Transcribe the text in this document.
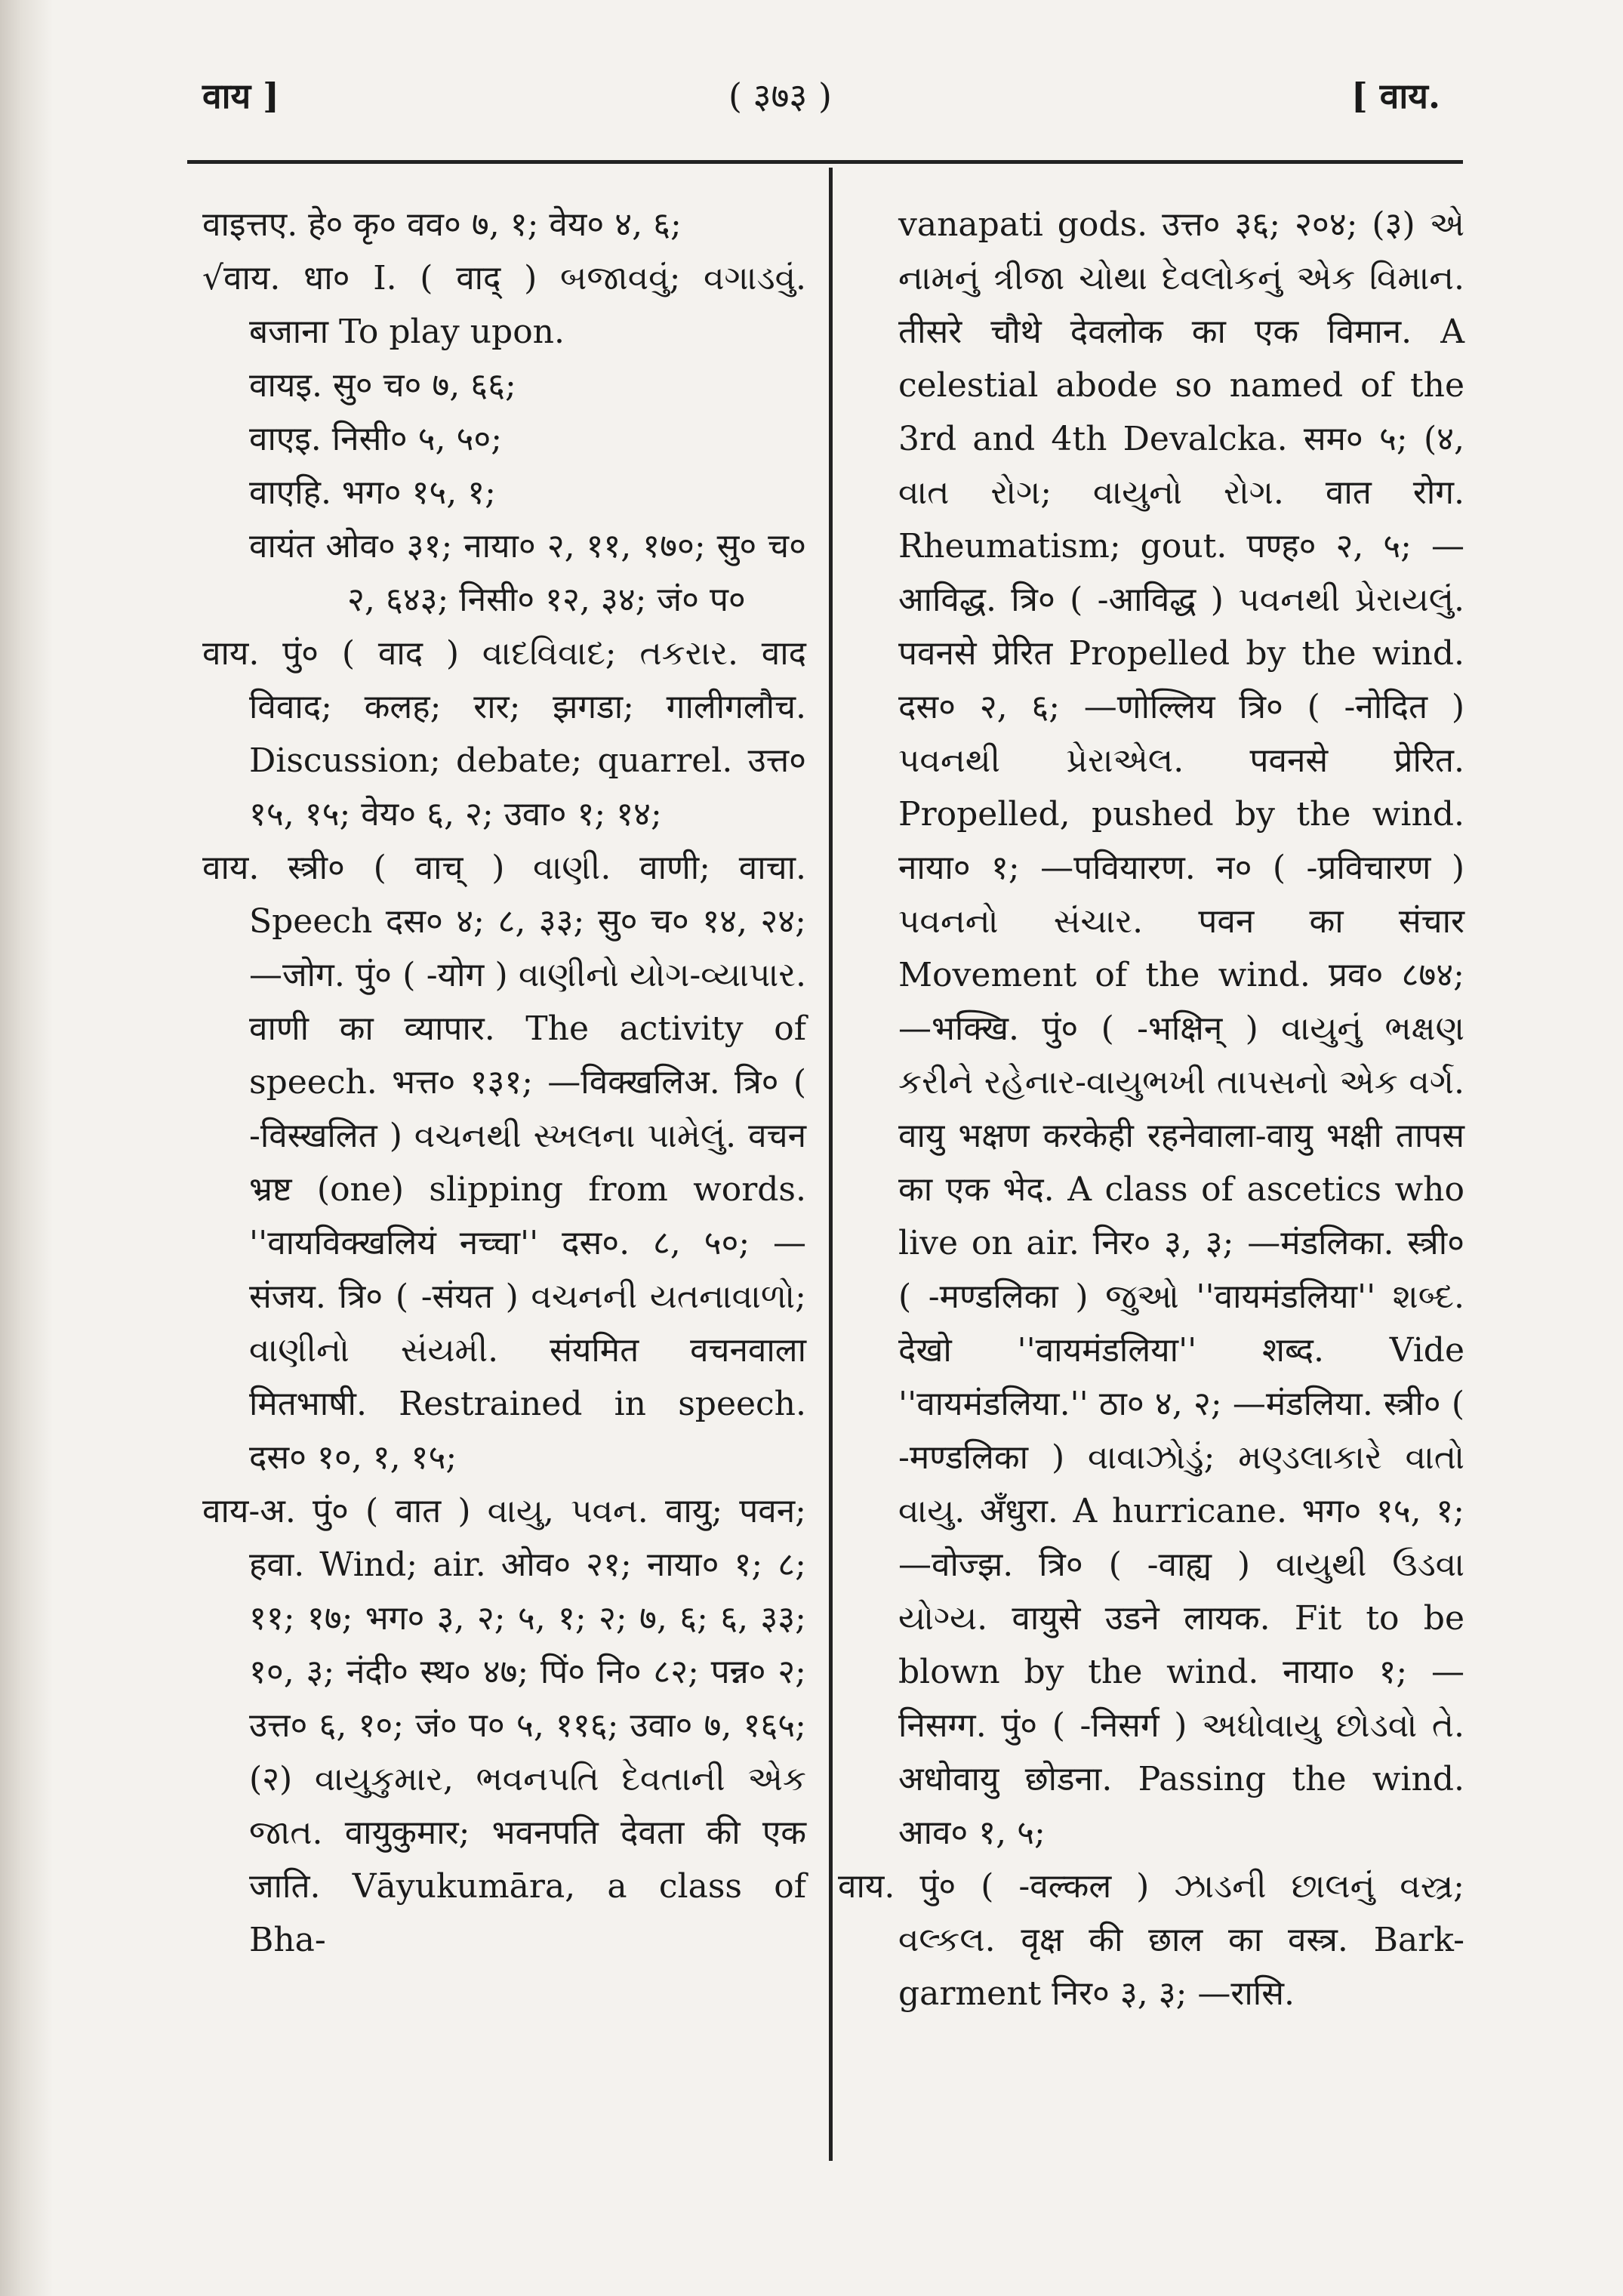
वाय ]	( ३७३ )	[ वाय.

वाइत्तए. हे० कृ० वव० ७, १; वेय० ४, ६;

√वाय. धा० I. ( वाद् ) બજાવવું; વગાડવું. बजाना To play upon.

वायइ. सु० च० ७, ६६;

वाएइ. निसी० ५, ५०;

वाएहि. भग० १५, १;

वायंत ओव० ३१; नाया० २, ११, १७०; सु० च० २, ६४३; निसी० १२, ३४; जं० प०

वाय. पुं० ( वाद ) વાદવિવાદ; તકરાર. वाद विवाद; कलह; रार; झगडा; गालीगलौच. Discussion; debate; quarrel. उत्त० १५, १५; वेय० ६, २; उवा० १; १४;

वाय. स्त्री० ( वाच् ) વાણી. वाणी; वाचा. Speech दस० ४; ८, ३३; सु० च० १४, २४; —जोग. पुं० ( -योग ) વાણીનો યોગ-વ્યાપાર. वाणी का व्यापार. The activity of speech. भत्त० १३१; —विक्खलिअ. त्रि० ( -विस्खलित ) વચનથી સ્ખલના પામેલું. वचन भ्रष्ट (one) slipping from words. ''वायविक्खलियं नच्चा'' दस०. ८, ५०; —संजय. त्रि० ( -संयत ) વચનની યતનાવાળો; વાણીનો સંયમી. संयमित वचनवाला मितभाषी. Restrained in speech. दस० १०, १, १५;

वाय-अ. पुं० ( वात ) વાયુ, પવન. वायु; पवन; हवा. Wind; air. ओव० २१; नाया० १; ८; ११; १७; भग० ३, २; ५, १; २; ७, ६; ६, ३३; १०, ३; नंदी० स्थ० ४७; पिं० नि० ८२; पन्न० २; उत्त० ६, १०; जं० प० ५, ११६; उवा० ७, १६५; (२) વાયુકુમાર, ભવનપતિ દેવતાની એક જાત. वायुकुमार; भवनपति देवता की एक जाति. Vāyukumāra, a class of Bha-

vanapati gods. उत्त० ३६; २०४; (३) એ નામનું ત્રીજા ચોથા દેવલોકનું એક વિમાન. तीसरे चौथे देवलोक का एक विमान. A celestial abode so named of the 3rd and 4th Devalcka. सम० ५; (४, વાત રોગ; વાયુનો રોગ. वात रोग. Rheumatism; gout. पण्ह० २, ५; —आविद्ध. त्रि० ( -आविद्ध ) પવનથી પ્રેરાયલું. पवनसे प्रेरित Propelled by the wind. दस० २, ६; —णोल्लिय त्रि० ( -नोदित ) પવનથી પ્રેરાએલ. पवनसे प्रेरित. Propelled, pushed by the wind. नाया० १; —पवियारण. न० ( -प्रविचारण ) પવનનો સંચાર. पवन का संचार Movement of the wind. प्रव० ८७४; —भक्खि. पुं० ( -भक्षिन् ) વાયુનું ભક્ષણ કરીને રહેનાર-વાયુભખી તાપસનો એક વર્ગ. वायु भक्षण करकेही रहनेवाला-वायु भक्षी तापस का एक भेद. A class of ascetics who live on air. निर० ३, ३; —मंडलिका. स्त्री० ( -मण्डलिका ) જુઓ ''वायमंडलिया'' શબ્દ. देखो ''वायमंडलिया'' शब्द. Vide ''वायमंडलिया.'' ठा० ४, २; —मंडलिया. स्त्री० ( -मण्डलिका ) વાવાઝોડું; મણ્ડલાકારે વાતો વાયુ. अँधुरा. A hurricane. भग० १५, १; —वोज्झ. त्रि० ( -वाह्य ) વાયુથી ઉડવા યોગ્ય. वायुसे उडने लायक. Fit to be blown by the wind. नाया० १; —निसग्ग. पुं० ( -निसर्ग ) અધોવાયુ છોડવો તે. अधोवायु छोडना. Passing the wind. आव० १, ५;

वाय. पुं० ( -वल्कल ) ઝાડની છાલનું વસ્ત્ર; વલ્કલ. वृक्ष की छाल का वस्त्र. Bark-garment निर० ३, ३; —रासि.
